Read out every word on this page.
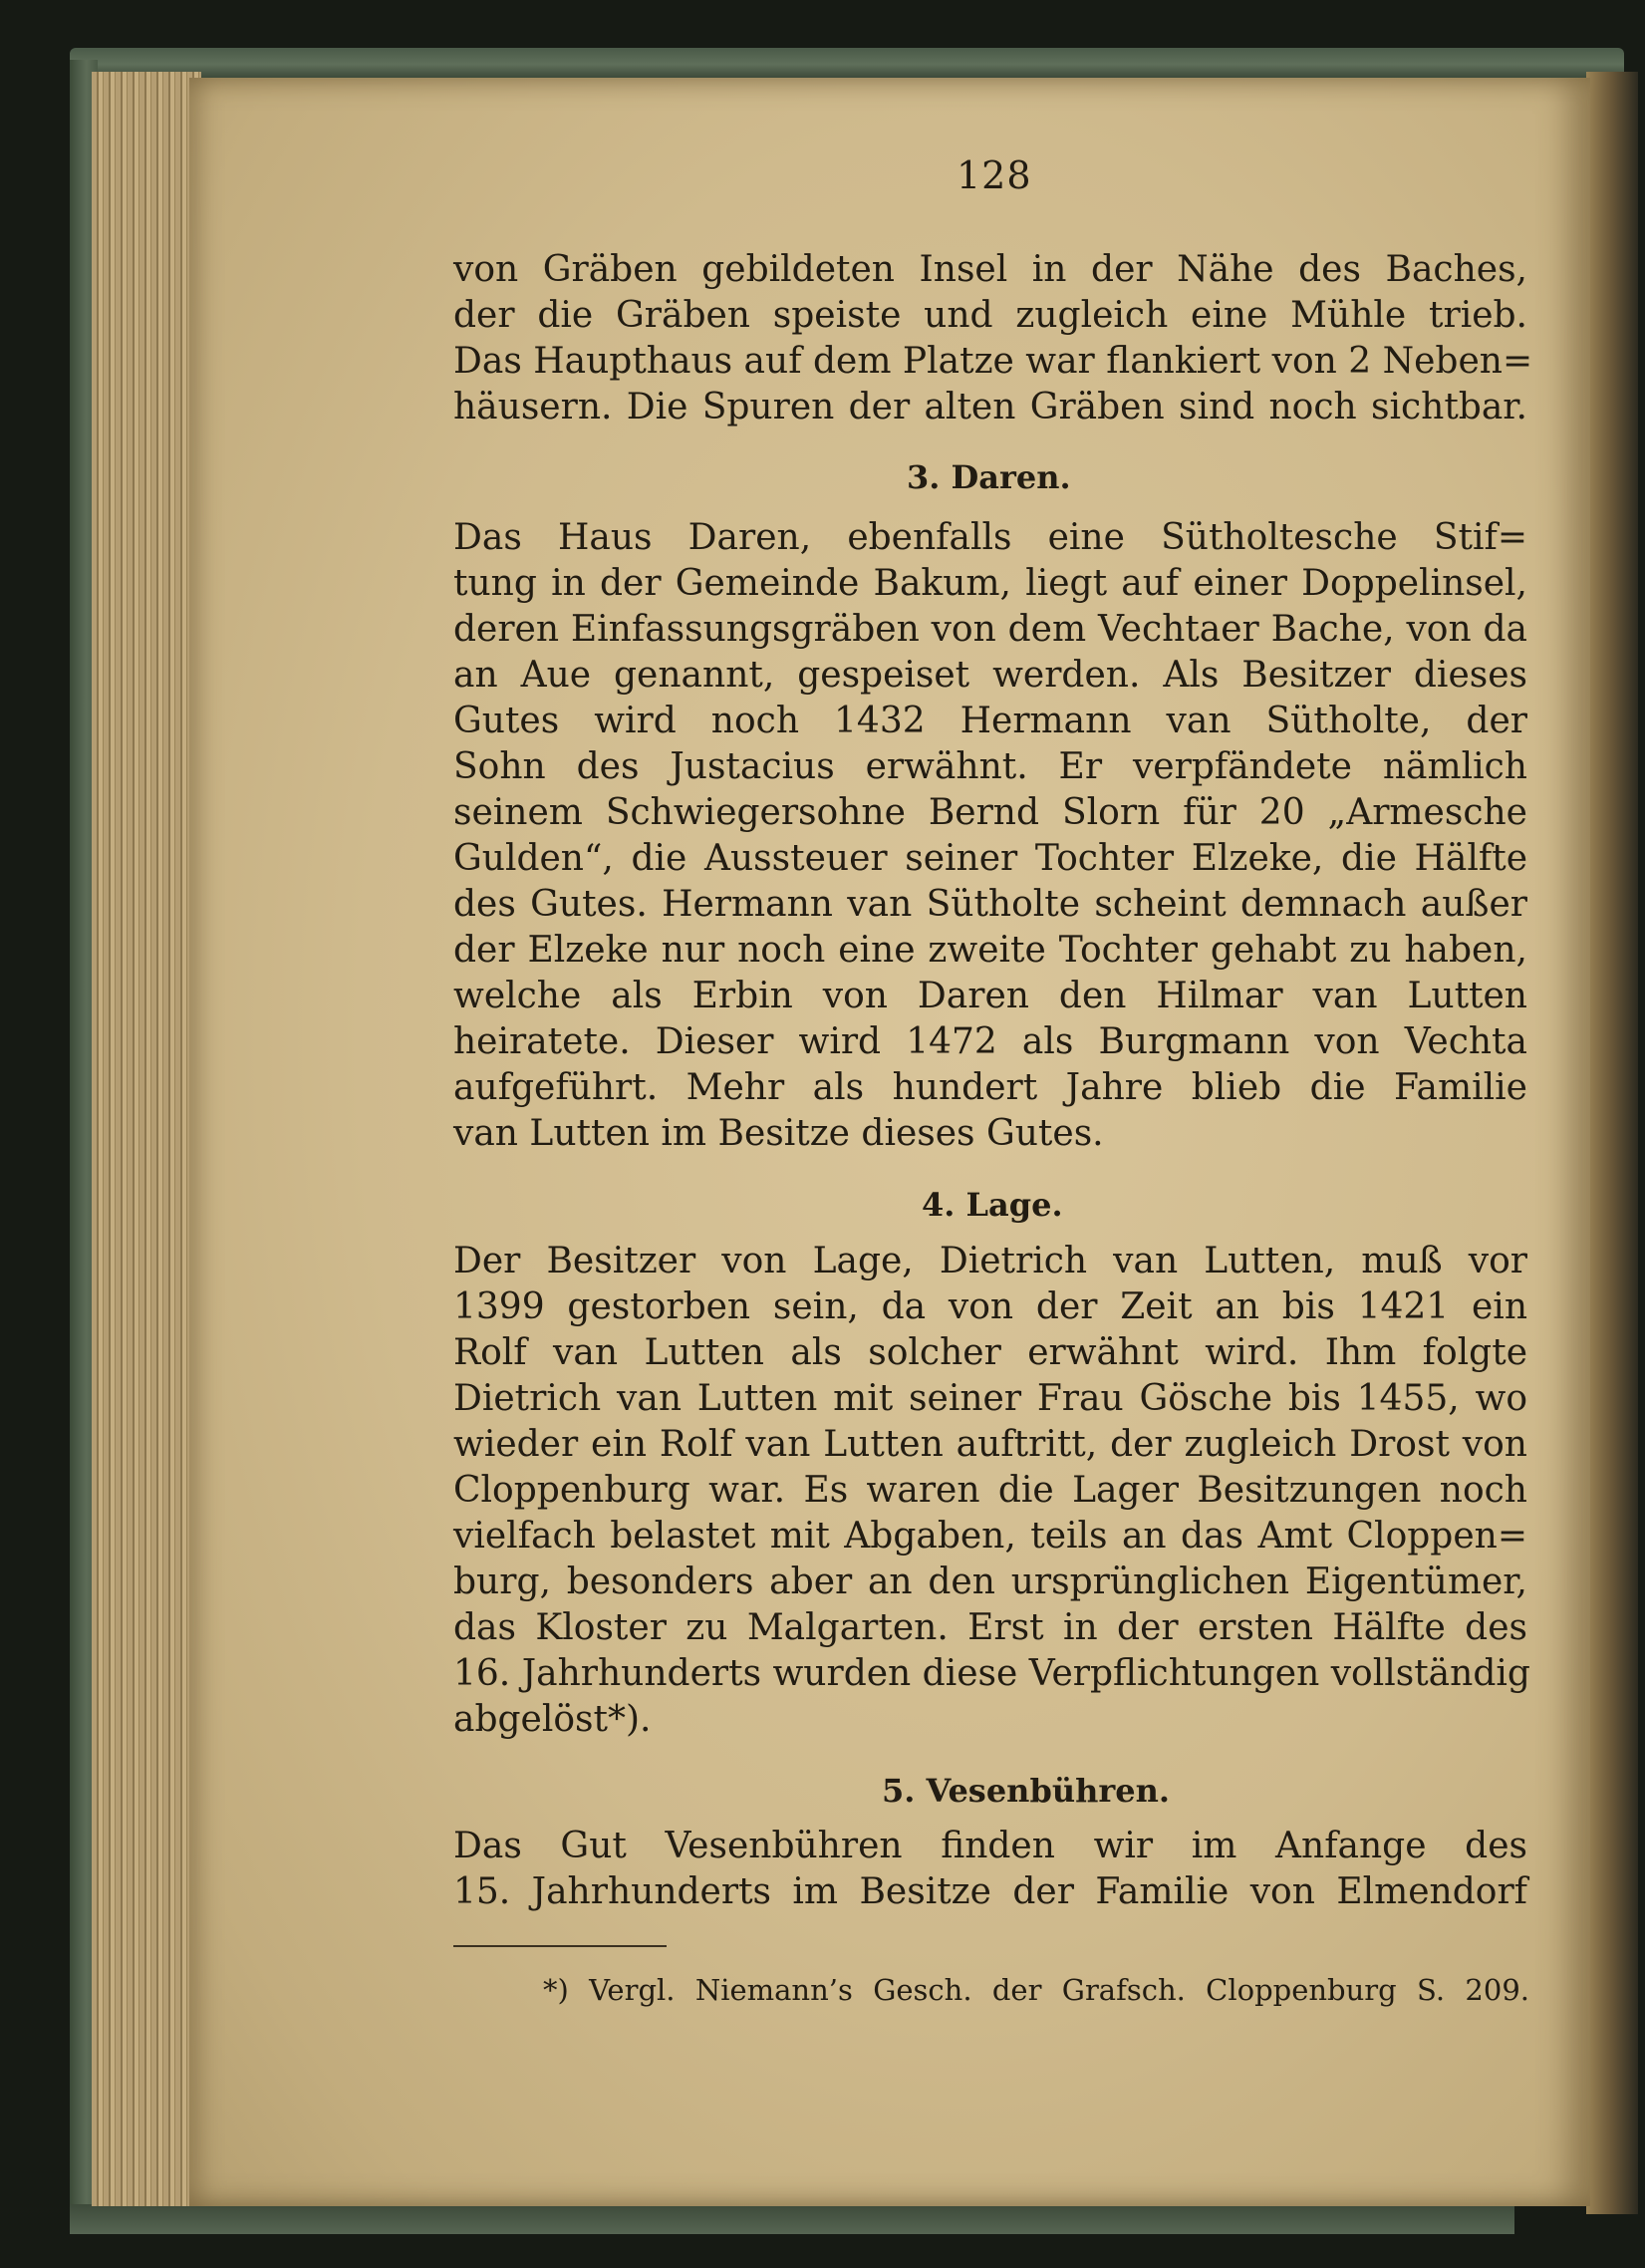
128
von Gräben gebildeten Insel in der Nähe des Baches,
der die Gräben speiste und zugleich eine Mühle trieb.
Das Haupthaus auf dem Platze war flankiert von 2 Neben=
häusern. Die Spuren der alten Gräben sind noch sichtbar.
3. Daren.
Das Haus Daren, ebenfalls eine Sütholtesche Stif=
tung in der Gemeinde Bakum, liegt auf einer Doppelinsel,
deren Einfassungsgräben von dem Vechtaer Bache, von da
an Aue genannt, gespeiset werden. Als Besitzer dieses
Gutes wird noch 1432 Hermann van Sütholte, der
Sohn des Justacius erwähnt. Er verpfändete nämlich
seinem Schwiegersohne Bernd Slorn für 20 „Armesche
Gulden“, die Aussteuer seiner Tochter Elzeke, die Hälfte
des Gutes. Hermann van Sütholte scheint demnach außer
der Elzeke nur noch eine zweite Tochter gehabt zu haben,
welche als Erbin von Daren den Hilmar van Lutten
heiratete. Dieser wird 1472 als Burgmann von Vechta
aufgeführt. Mehr als hundert Jahre blieb die Familie
van Lutten im Besitze dieses Gutes.
4. Lage.
Der Besitzer von Lage, Dietrich van Lutten, muß vor
1399 gestorben sein, da von der Zeit an bis 1421 ein
Rolf van Lutten als solcher erwähnt wird. Ihm folgte
Dietrich van Lutten mit seiner Frau Gösche bis 1455, wo
wieder ein Rolf van Lutten auftritt, der zugleich Drost von
Cloppenburg war. Es waren die Lager Besitzungen noch
vielfach belastet mit Abgaben, teils an das Amt Cloppen=
burg, besonders aber an den ursprünglichen Eigentümer,
das Kloster zu Malgarten. Erst in der ersten Hälfte des
16. Jahrhunderts wurden diese Verpflichtungen vollständig
abgelöst*).
5. Vesenbühren.
Das Gut Vesenbühren finden wir im Anfange des
15. Jahrhunderts im Besitze der Familie von Elmendorf
*) Vergl. Niemann’s Gesch. der Grafsch. Cloppenburg S. 209.
